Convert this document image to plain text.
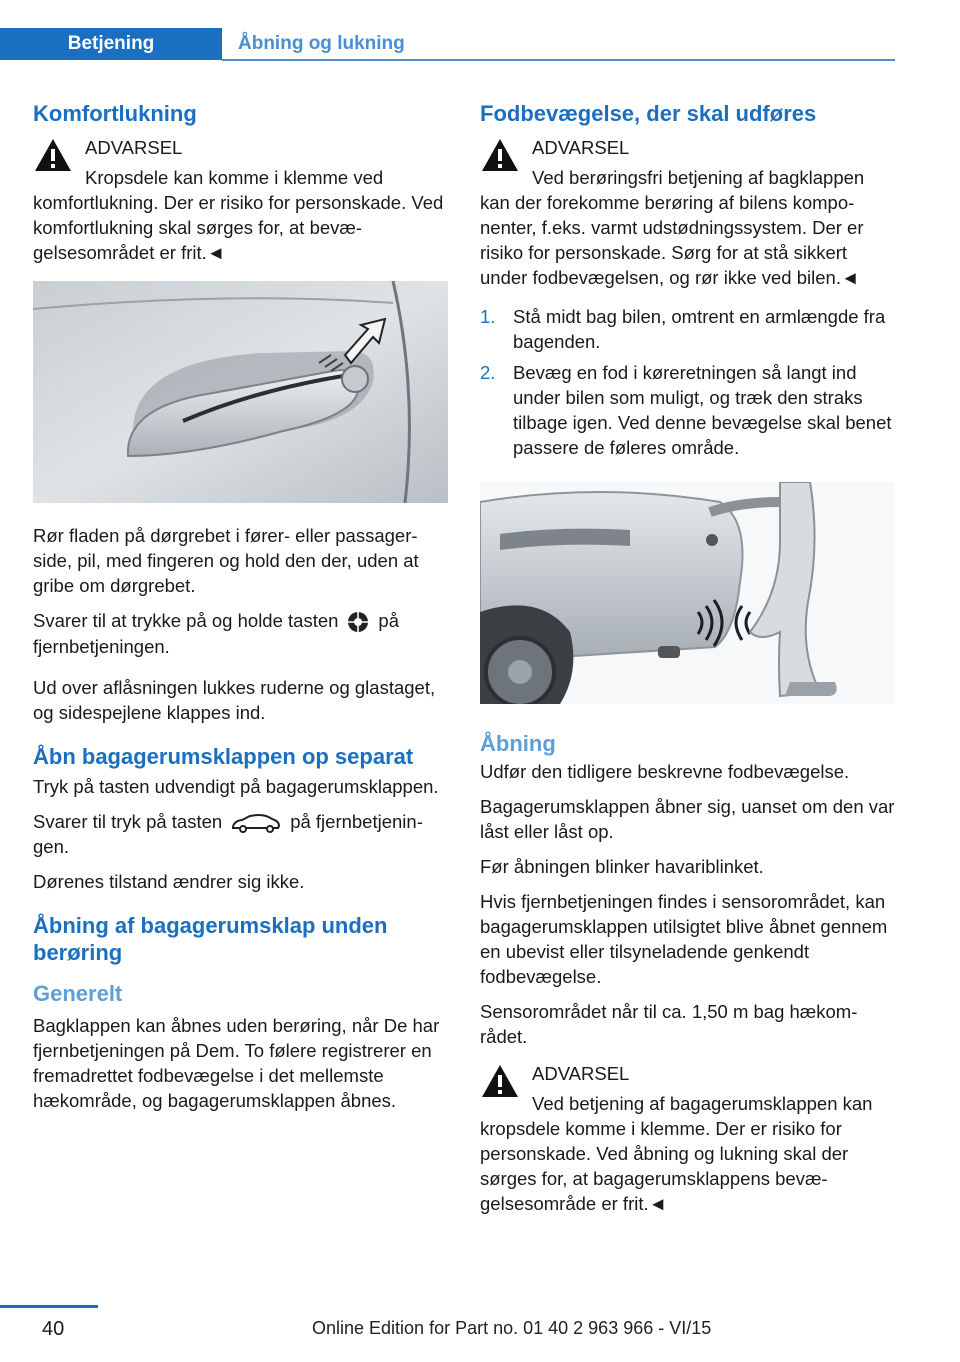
Betjening	Åbning og lukning
Komfortlukning
ADVARSEL
Kropsdele kan komme i klemme ved komfortlukning. Der er risiko for personskade. Ved komfortlukning skal sørges for, at bevægelsesområdet er frit.◄

Rør fladen på dørgrebet i fører- eller passagerside, pil, med fingeren og hold den der, uden at gribe om dørgrebet.

Svarer til at trykke på og holde tasten på fjernbetjeningen.

Ud over aflåsningen lukkes ruderne og glastaget, og sidespejlene klappes ind.

Åbn bagagerumsklappen op separat

Tryk på tasten udvendigt på bagagerumsklappen.

Svarer til tryk på tasten	på fjernbetjeningen.

Dørenes tilstand ændrer sig ikke.

Åbning af bagagerumsklap unden berøring
Generelt

Bagklappen kan åbnes uden berøring, når De har fjernbetjeningen på Dem. To følere registrerer en fremadrettet fodbevægelse i det mellemste hækområde, og bagagerumsklappen åbnes.

Fodbevægelse, der skal udføres
ADVARSEL
Ved berøringsfri betjening af bagklappen kan der forekomme berøring af bilens komponenter, f.eks. varmt udstødningssystem. Der er risiko for personskade. Sørg for at stå sikkert under fodbevægelsen, og rør ikke ved bilen.◄
1. Stå midt bag bilen, omtrent en armlængde fra bagenden.
2. Bevæg en fod i køreretningen så langt ind under bilen som muligt, og træk den straks tilbage igen. Ved denne bevægelse skal benet passere de føleres område.
Åbning

Udfør den tidligere beskrevne fodbevægelse.

Bagagerumsklappen åbner sig, uanset om den var låst eller låst op.

Før åbningen blinker havariblinket.

Hvis fjernbetjeningen findes i sensorområdet, kan bagagerumsklappen utilsigtet blive åbnet gennem en ubevist eller tilsyneladende genkendt fodbevægelse.

Sensorområdet når til ca. 1,50 m bag hækområdet.

ADVARSEL
Ved betjening af bagagerumsklappen kan kropsdele komme i klemme. Der er risiko for personskade. Ved åbning og lukning skal der sørges for, at bagagerumsklappens bevægelsesområde er frit.◄
40	Online Edition for Part no. 01 40 2 963 966 - VI/15
